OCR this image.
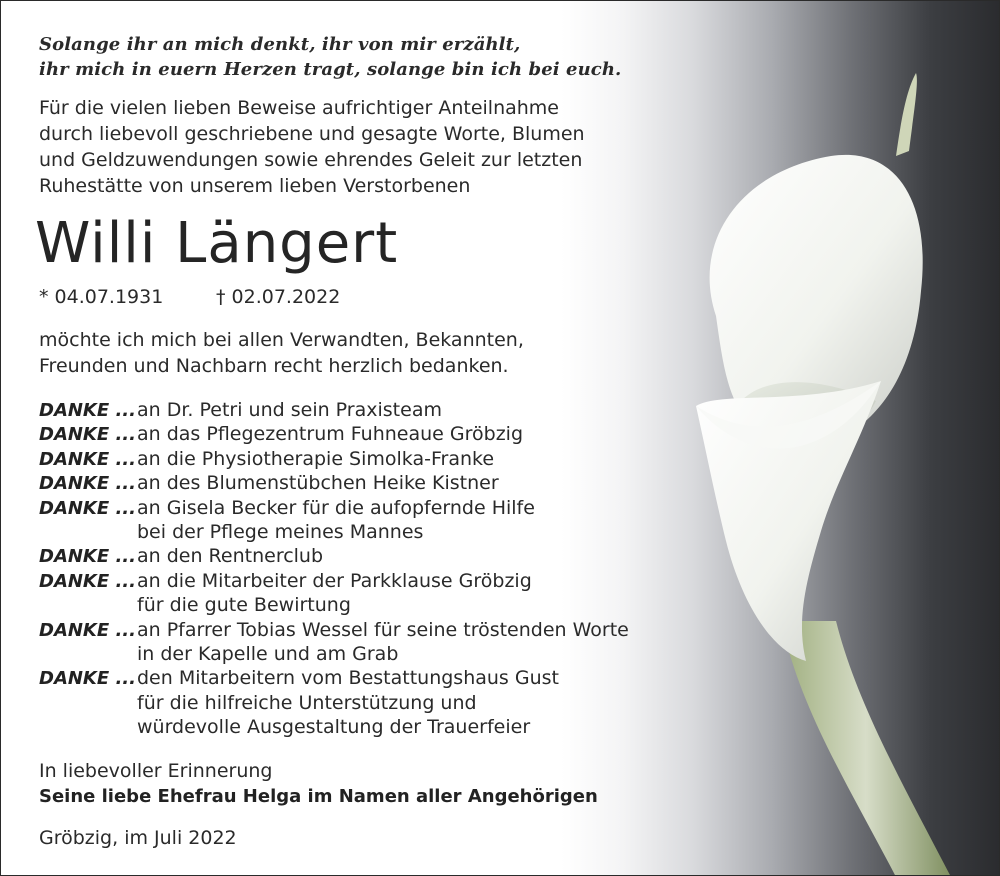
Solange ihr an mich denkt, ihr von mir erzählt,
ihr mich in euern Herzen tragt, solange bin ich bei euch.
Für die vielen lieben Beweise aufrichtiger Anteilnahme
durch liebevoll geschriebene und gesagte Worte, Blumen
und Geldzuwendungen sowie ehrendes Geleit zur letzten
Ruhestätte von unserem lieben Verstorbenen
Willi Längert
* 04.07.1931	† 02.07.2022
möchte ich mich bei allen Verwandten, Bekannten,
Freunden und Nachbarn recht herzlich bedanken.
DANKE ... an Dr. Petri und sein Praxisteam
DANKE ... an das Pflegezentrum Fuhneaue Gröbzig
DANKE ... an die Physiotherapie Simolka-Franke
DANKE ... an des Blumenstübchen Heike Kistner
DANKE ... an Gisela Becker für die aufopfernde Hilfe
bei der Pflege meines Mannes
DANKE ... an den Rentnerclub
DANKE ... an die Mitarbeiter der Parkklause Gröbzig
für die gute Bewirtung
DANKE ... an Pfarrer Tobias Wessel für seine tröstenden Worte
in der Kapelle und am Grab
DANKE ... den Mitarbeitern vom Bestattungshaus Gust
für die hilfreiche Unterstützung und
würdevolle Ausgestaltung der Trauerfeier
In liebevoller Erinnerung
Seine liebe Ehefrau Helga im Namen aller Angehörigen
Gröbzig, im Juli 2022
